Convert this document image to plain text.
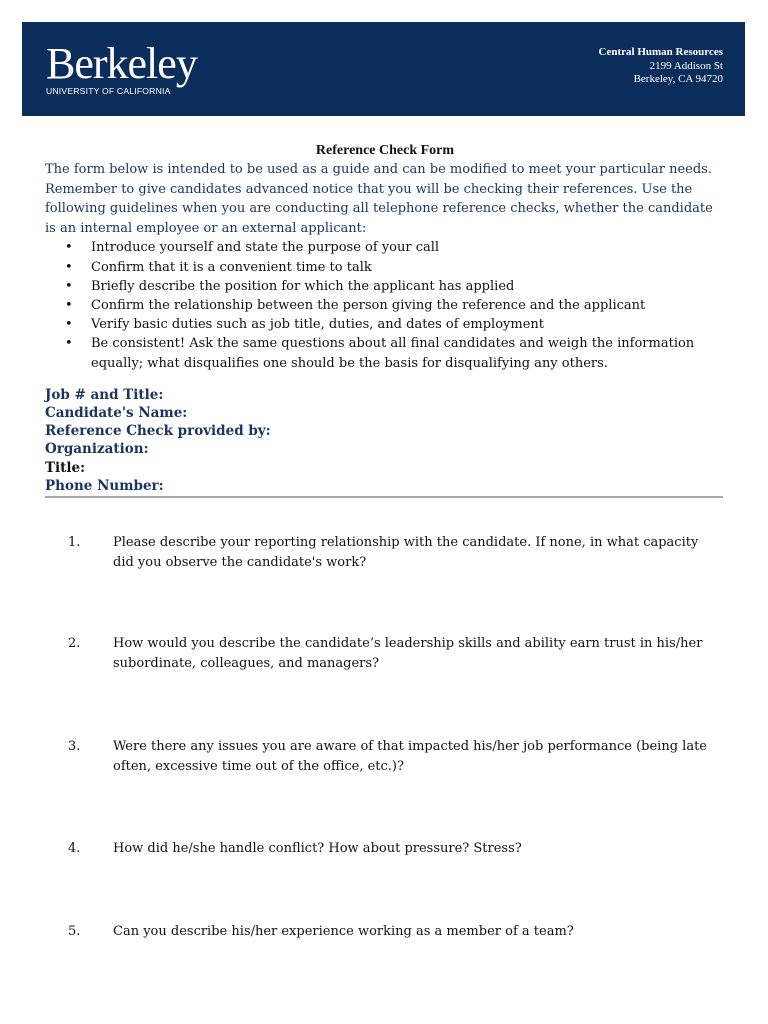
Berkeley
UNIVERSITY OF CALIFORNIA
Central Human Resources
2199 Addison St
Berkeley, CA 94720

Reference Check Form

The form below is intended to be used as a guide and can be modified to meet your particular needs. Remember to give candidates advanced notice that you will be checking their references. Use the following guidelines when you are conducting all telephone reference checks, whether the candidate is an internal employee or an external applicant:

• Introduce yourself and state the purpose of your call
• Confirm that it is a convenient time to talk
• Briefly describe the position for which the applicant has applied
• Confirm the relationship between the person giving the reference and the applicant
• Verify basic duties such as job title, duties, and dates of employment
• Be consistent! Ask the same questions about all final candidates and weigh the information equally; what disqualifies one should be the basis for disqualifying any others.
Job # and Title:
Candidate's Name:
Reference Check provided by:
Organization:
Title:
Phone Number:
1.	Please describe your reporting relationship with the candidate. If none, in what capacity did you observe the candidate's work?
2.	How would you describe the candidate’s leadership skills and ability earn trust in his/her subordinate, colleagues, and managers?
3.	Were there any issues you are aware of that impacted his/her job performance (being late often, excessive time out of the office, etc.)?
4.	How did he/she handle conflict? How about pressure? Stress?
5.	Can you describe his/her experience working as a member of a team?
